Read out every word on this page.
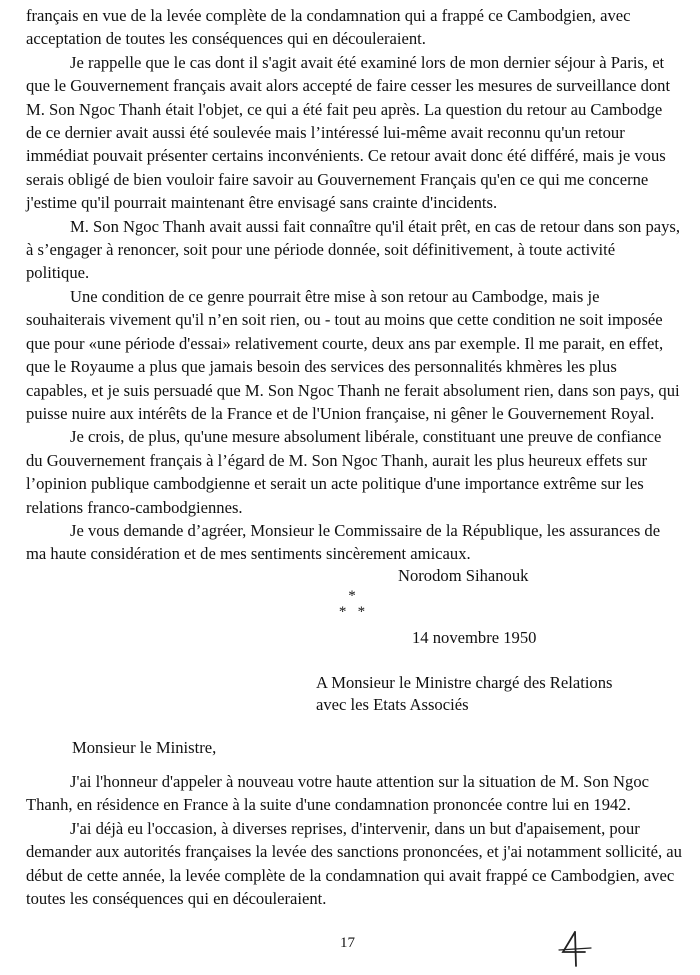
français en vue de la levée complète de la condamnation qui a frappé ce Cambodgien, avec acceptation de toutes les conséquences qui en découleraient.

Je rappelle que le cas dont il s'agit avait été examiné lors de mon dernier séjour à Paris, et que le Gouvernement français avait alors accepté de faire cesser les mesures de surveillance dont M. Son Ngoc Thanh était l'objet, ce qui a été fait peu après. La question du retour au Cambodge de ce dernier avait aussi été soulevée mais l’intéressé lui-même avait reconnu qu'un retour immédiat pouvait présenter certains inconvénients. Ce retour avait donc été différé, mais je vous serais obligé de bien vouloir faire savoir au Gouvernement Français qu'en ce qui me concerne j'estime qu'il pourrait maintenant être envisagé sans crainte d'incidents.

M. Son Ngoc Thanh avait aussi fait connaître qu'il était prêt, en cas de retour dans son pays, à s’engager à renoncer, soit pour une période donnée, soit définitivement, à toute activité politique.

Une condition de ce genre pourrait être mise à son retour au Cambodge, mais je souhaiterais vivement qu'il n’en soit rien, ou - tout au moins que cette condition ne soit imposée que pour «une période d'essai» relativement courte, deux ans par exemple. Il me parait, en effet, que le Royaume a plus que jamais besoin des services des personnalités khmères les plus capables, et je suis persuadé que M. Son Ngoc Thanh ne ferait absolument rien, dans son pays, qui puisse nuire aux intérêts de la France et de l'Union française, ni gêner le Gouvernement Royal.

Je crois, de plus, qu'une mesure absolument libérale, constituant une preuve de confiance du Gouvernement français à l’égard de M. Son Ngoc Thanh, aurait les plus heureux effets sur l’opinion publique cambodgienne et serait un acte politique d'une importance extrême sur les relations franco-cambodgiennes.

Je vous demande d’agréer, Monsieur le Commissaire de la République, les assurances de ma haute considération et de mes sentiments sincèrement amicaux.

Norodom Sihanouk
*
*   *
14 novembre 1950
A Monsieur le Ministre chargé des Relations
avec les Etats Associés
Monsieur le Ministre,

J'ai l'honneur d'appeler à nouveau votre haute attention sur la situation de M. Son Ngoc Thanh, en résidence en France à la suite d'une condamnation prononcée contre lui en 1942.

J'ai déjà eu l'occasion, à diverses reprises, d'intervenir, dans un but d'apaisement, pour demander aux autorités françaises la levée des sanctions prononcées, et j'ai notamment sollicité, au début de cette année, la levée complète de la condamnation qui avait frappé ce Cambodgien, avec toutes les conséquences qui en découleraient.

17
